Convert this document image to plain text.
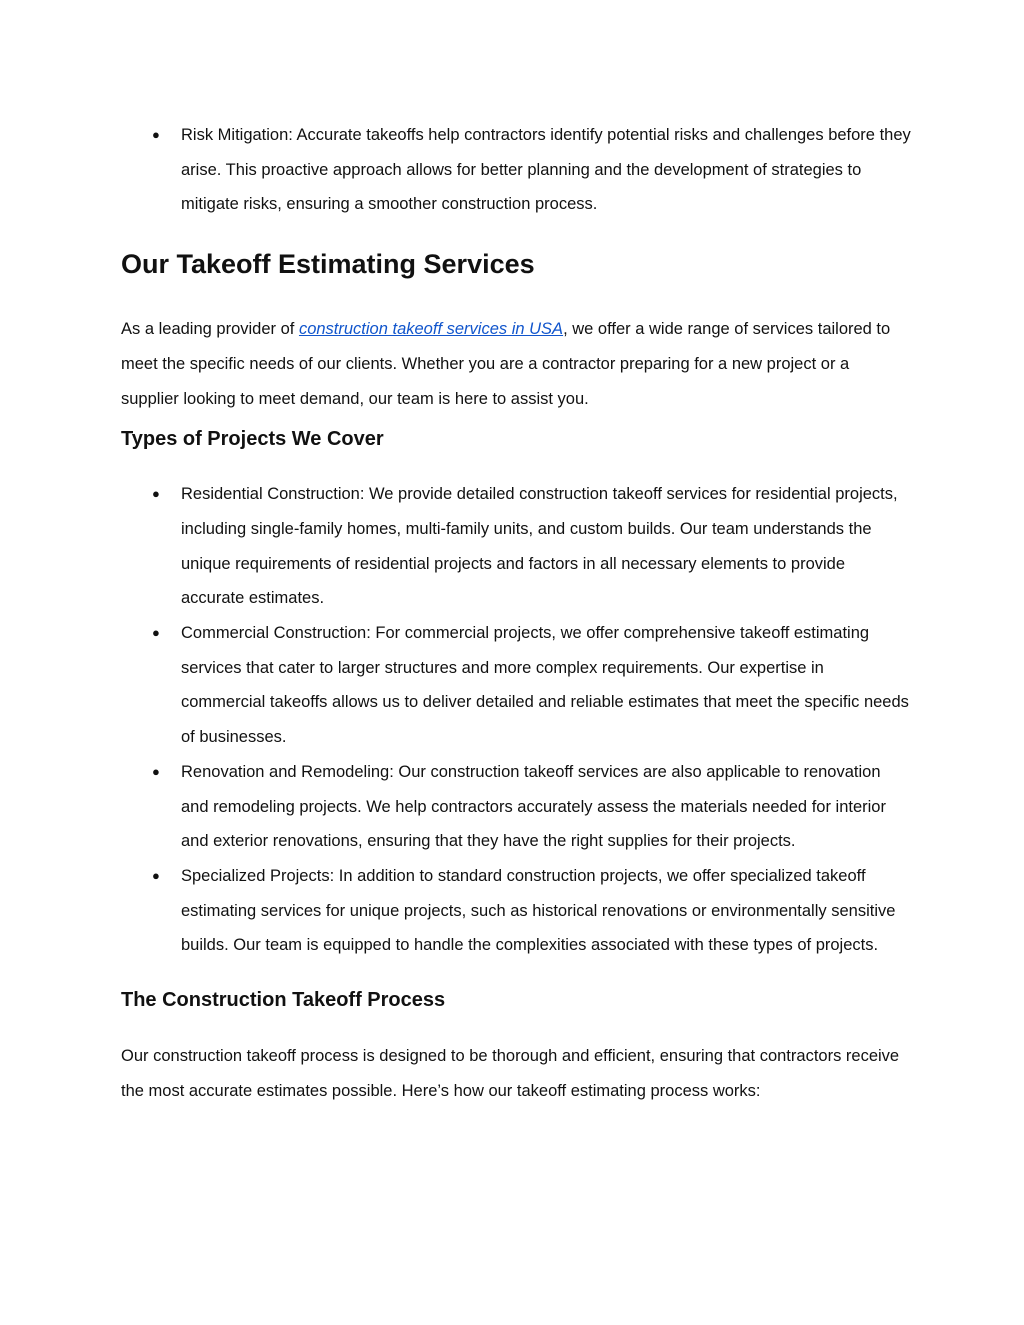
● Risk Mitigation: Accurate takeoffs help contractors identify potential risks and challenges before they arise. This proactive approach allows for better planning and the development of strategies to mitigate risks, ensuring a smoother construction process.
Our Takeoff Estimating Services

As a leading provider of construction takeoff services in USA, we offer a wide range of services tailored to meet the specific needs of our clients. Whether you are a contractor preparing for a new project or a supplier looking to meet demand, our team is here to assist you.

Types of Projects We Cover
● Residential Construction: We provide detailed construction takeoff services for residential projects, including single-family homes, multi-family units, and custom builds. Our team understands the unique requirements of residential projects and factors in all necessary elements to provide accurate estimates.
● Commercial Construction: For commercial projects, we offer comprehensive takeoff estimating services that cater to larger structures and more complex requirements. Our expertise in commercial takeoffs allows us to deliver detailed and reliable estimates that meet the specific needs of businesses.
● Renovation and Remodeling: Our construction takeoff services are also applicable to renovation and remodeling projects. We help contractors accurately assess the materials needed for interior and exterior renovations, ensuring that they have the right supplies for their projects.
● Specialized Projects: In addition to standard construction projects, we offer specialized takeoff estimating services for unique projects, such as historical renovations or environmentally sensitive builds. Our team is equipped to handle the complexities associated with these types of projects.
The Construction Takeoff Process

Our construction takeoff process is designed to be thorough and efficient, ensuring that contractors receive the most accurate estimates possible. Here’s how our takeoff estimating process works:
